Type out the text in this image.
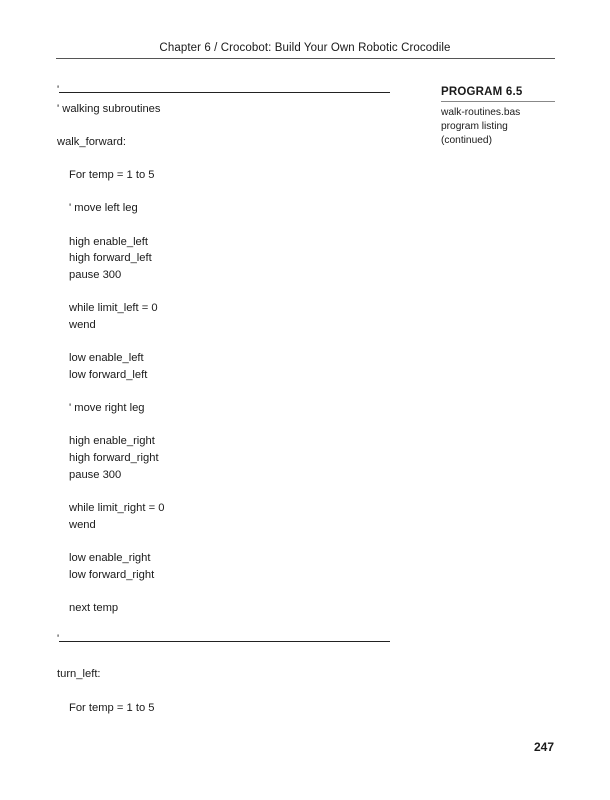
Chapter 6 / Crocobot: Build Your Own Robotic Crocodile
'
' walking subroutines
walk_forward:
For temp = 1 to 5
' move left leg
high enable_left
high forward_left
pause 300
while limit_left = 0
wend
low enable_left
low forward_left
' move right leg
high enable_right
high forward_right
pause 300
while limit_right = 0
wend
low enable_right
low forward_right
next temp
'
turn_left:
For temp = 1 to 5
PROGRAM 6.5
walk-routines.bas
program listing
(continued)
247
